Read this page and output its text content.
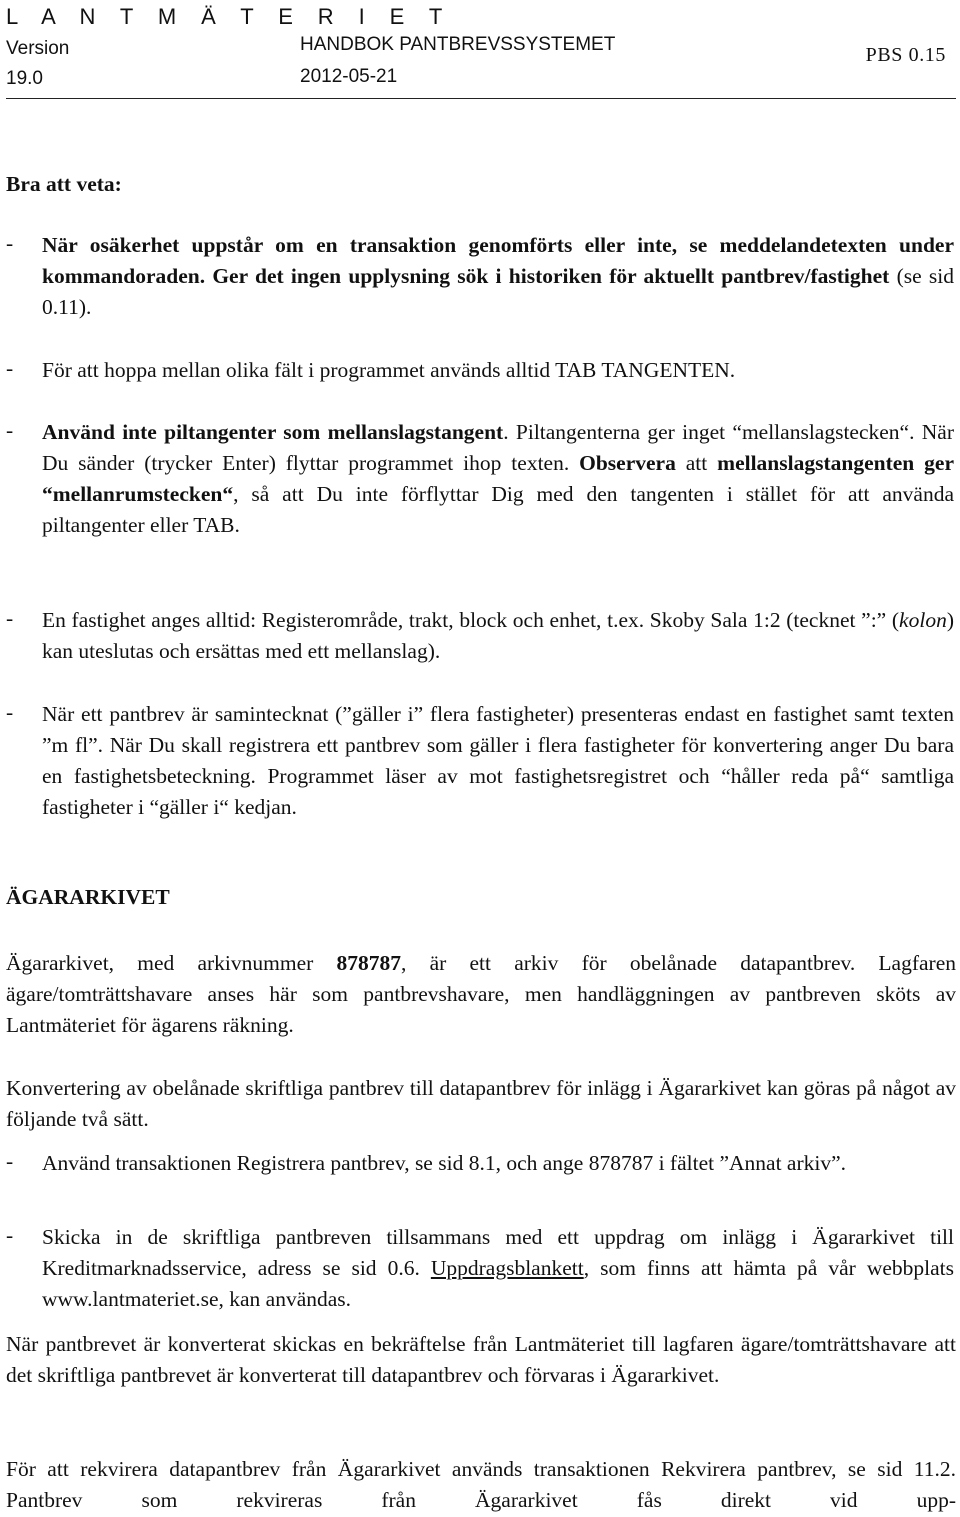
L A N T M Ä T E R I E T
Version
19.0
HANDBOK PANTBREVSSYSTEMET
2012-05-21
PBS 0.15
Bra att veta:
- När osäkerhet uppstår om en transaktion genomförts eller inte, se meddelandetexten under kommandoraden. Ger det ingen upplysning sök i historiken för aktuellt pantbrev/fastighet (se sid 0.11).

- För att hoppa mellan olika fält i programmet används alltid TAB TANGENTEN.

- Använd inte piltangenter som mellanslagstangent. Piltangenterna ger inget “mellanslagstecken“. När Du sänder (trycker Enter) flyttar programmet ihop texten. Observera att mellanslagstangenten ger “mellanrumstecken“, så att Du inte förflyttar Dig med den tangenten i stället för att använda piltangenter eller TAB.

- En fastighet anges alltid: Registerområde, trakt, block och enhet, t.ex. Skoby Sala 1:2 (tecknet ”:” (kolon) kan uteslutas och ersättas med ett mellanslag).

- När ett pantbrev är samintecknat (”gäller i” flera fastigheter) presenteras endast en fastighet samt texten ”m fl”. När Du skall registrera ett pantbrev som gäller i flera fastigheter för konvertering anger Du bara en fastighetsbeteckning. Programmet läser av mot fastighetsregistret och “håller reda på“ samtliga fastigheter i “gäller i“ kedjan.

ÄGARARKIVET

Ägararkivet, med arkivnummer 878787, är ett arkiv för obelånade datapantbrev. Lagfaren ägare/tomträttshavare anses här som pantbrevshavare, men handläggningen av pantbreven sköts av Lantmäteriet för ägarens räkning.

Konvertering av obelånade skriftliga pantbrev till datapantbrev för inlägg i Ägararkivet kan göras på något av följande två sätt.

- Använd transaktionen Registrera pantbrev, se sid 8.1, och ange 878787 i fältet ”Annat arkiv”.

- Skicka in de skriftliga pantbreven tillsammans med ett uppdrag om inlägg i Ägararkivet till Kreditmarknadsservice, adress se sid 0.6. Uppdragsblankett, som finns att hämta på vår webbplats www.lantmateriet.se, kan användas.

När pantbrevet är konverterat skickas en bekräftelse från Lantmäteriet till lagfaren ägare/tomträttshavare att det skriftliga pantbrevet är konverterat till datapantbrev och förvaras i Ägararkivet.

För att rekvirera datapantbrev från Ägararkivet används transaktionen Rekvirera pantbrev, se sid 11.2. Pantbrev som rekvireras från Ägararkivet fås direkt vid upp-
